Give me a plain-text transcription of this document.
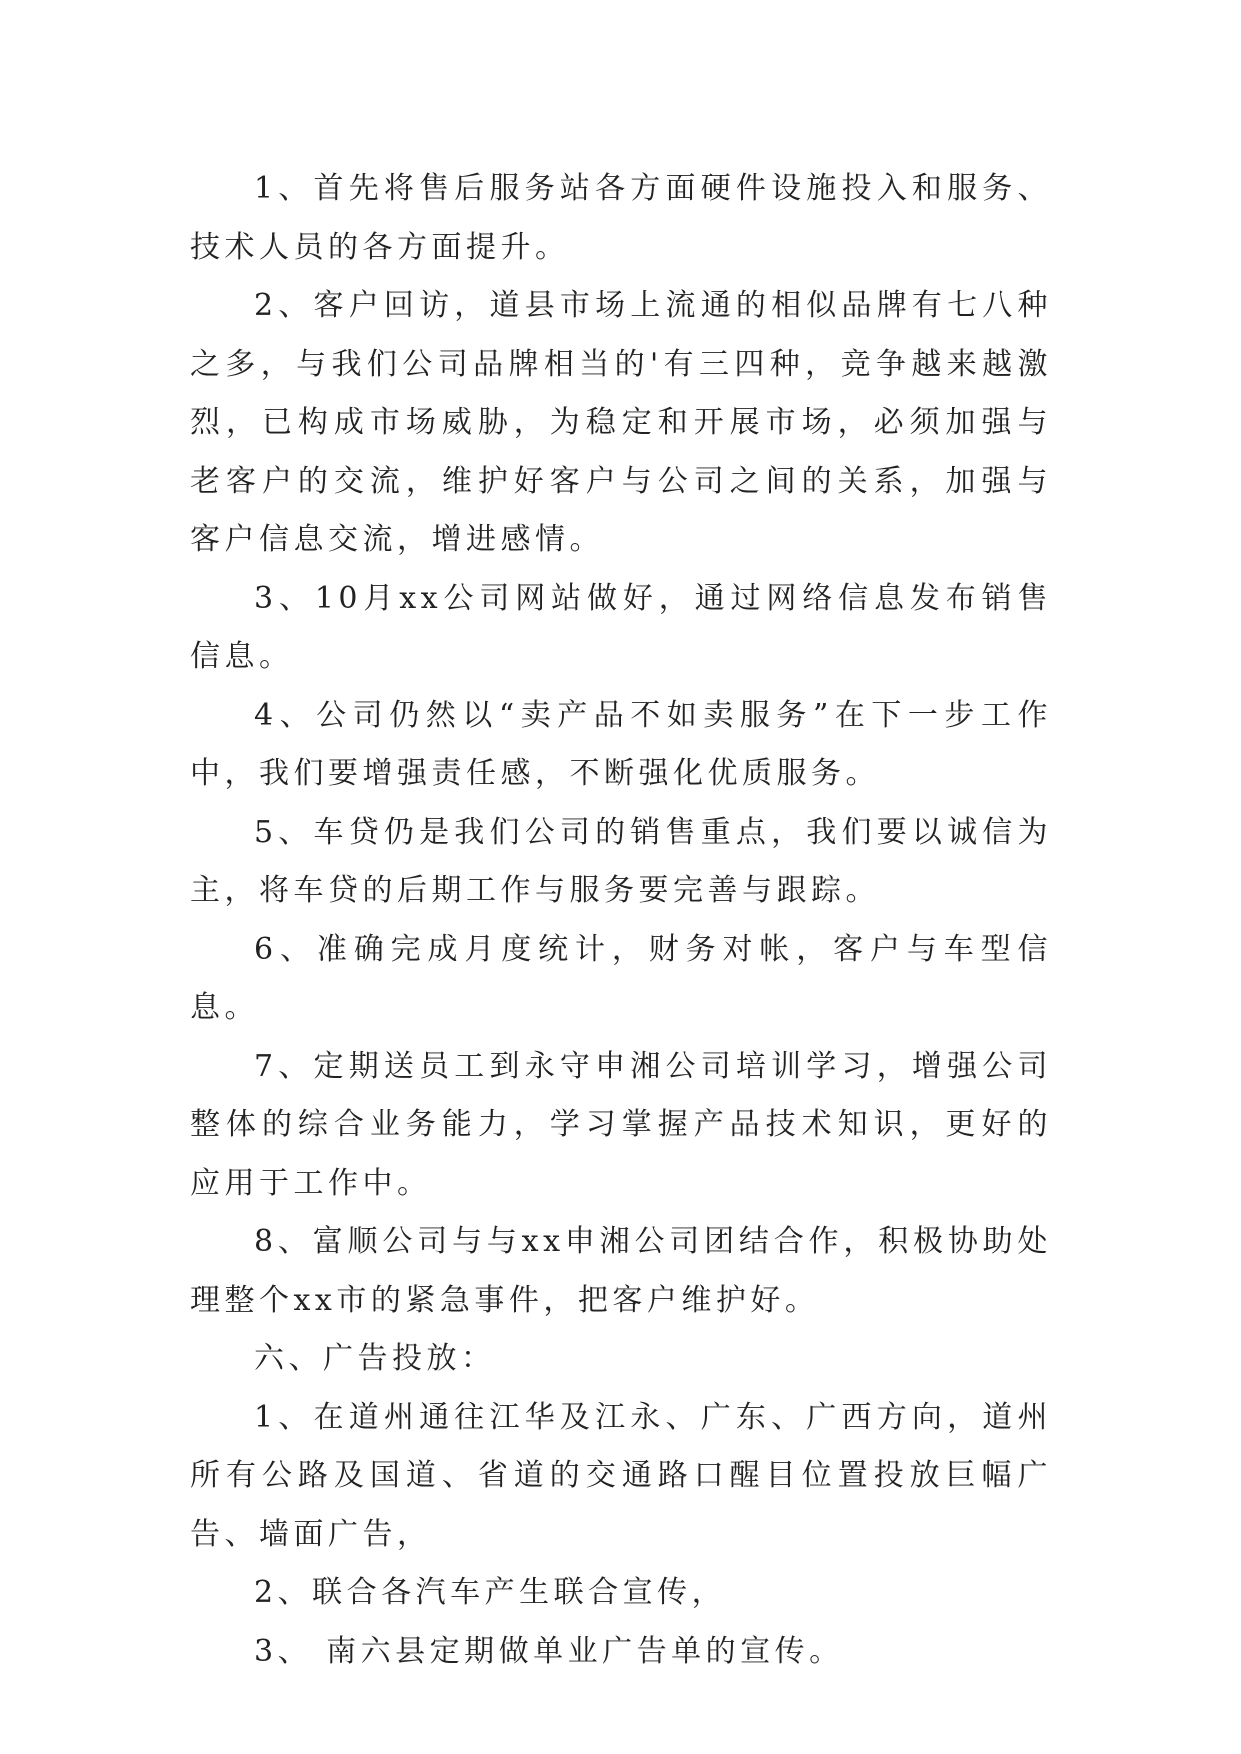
1、首先将售后服务站各方面硬件设施投入和服务、技术人员的各方面提升。

2、客户回访，道县市场上流通的相似品牌有七八种之多，与我们公司品牌相当的'有三四种，竞争越来越激烈，已构成市场威胁，为稳定和开展市场，必须加强与老客户的交流，维护好客户与公司之间的关系，加强与客户信息交流，增进感情。

3、10月xx公司网站做好，通过网络信息发布销售信息。

4、公司仍然以“卖产品不如卖服务”在下一步工作中，我们要增强责任感，不断强化优质服务。

5、车贷仍是我们公司的销售重点，我们要以诚信为主，将车贷的后期工作与服务要完善与跟踪。

6、准确完成月度统计，财务对帐，客户与车型信息。

7、定期送员工到永守申湘公司培训学习，增强公司整体的综合业务能力，学习掌握产品技术知识，更好的应用于工作中。

8、富顺公司与与xx申湘公司团结合作，积极协助处理整个xx市的紧急事件，把客户维护好。

六、广告投放：

1、在道州通往江华及江永、广东、广西方向，道州所有公路及国道、省道的交通路口醒目位置投放巨幅广告、墙面广告，

2、联合各汽车产生联合宣传，

3、 南六县定期做单业广告单的宣传。
